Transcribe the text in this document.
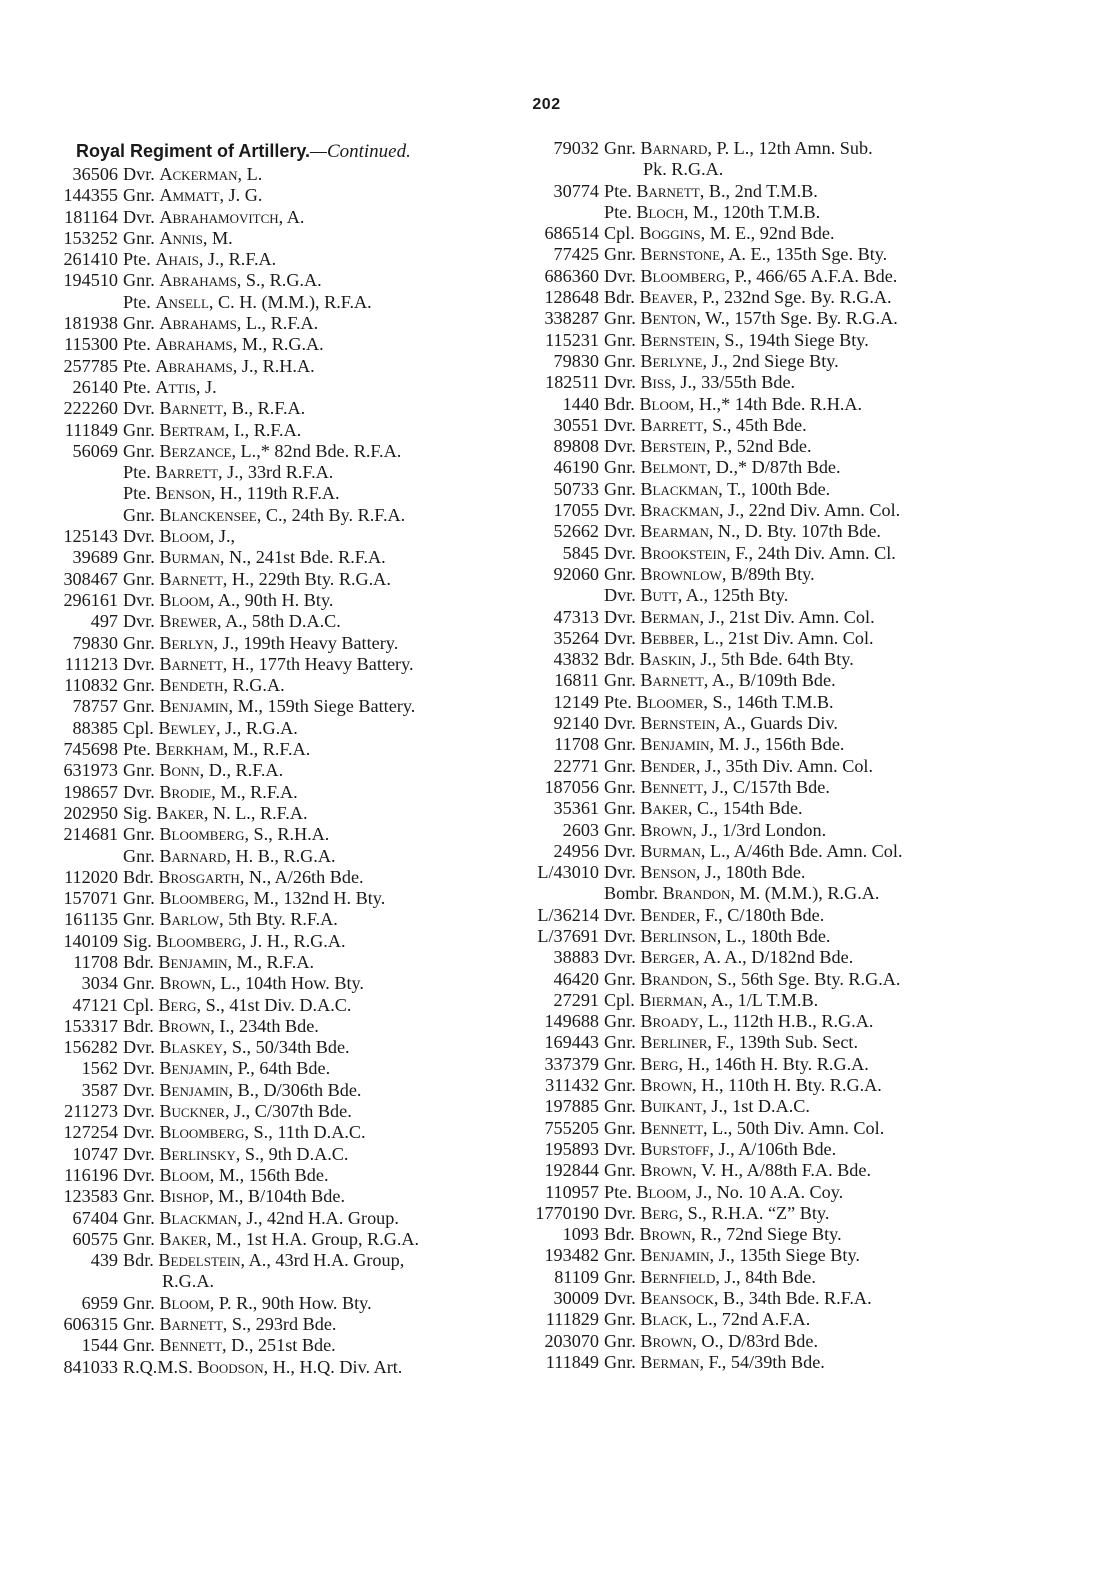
202
Royal Regiment of Artillery.—Continued.
36506 Dvr. Ackerman, L.
144355 Gnr. Ammatt, J. G.
181164 Dvr. Abrahamovitch, A.
153252 Gnr. Annis, M.
261410 Pte. Ahais, J., R.F.A.
194510 Gnr. Abrahams, S., R.G.A.
Pte. Ansell, C. H. (M.M.), R.F.A.
181938 Gnr. Abrahams, L., R.F.A.
115300 Pte. Abrahams, M., R.G.A.
257785 Pte. Abrahams, J., R.H.A.
26140 Pte. Attis, J.
222260 Dvr. Barnett, B., R.F.A.
111849 Gnr. Bertram, I., R.F.A.
56069 Gnr. Berzance, L.,* 82nd Bde. R.F.A.
Pte. Barrett, J., 33rd R.F.A.
Pte. Benson, H., 119th R.F.A.
Gnr. Blanckensee, C., 24th By. R.F.A.
125143 Dvr. Bloom, J.,
39689 Gnr. Burman, N., 241st Bde. R.F.A.
308467 Gnr. Barnett, H., 229th Bty. R.G.A.
296161 Dvr. Bloom, A., 90th H. Bty.
497 Dvr. Brewer, A., 58th D.A.C.
79830 Gnr. Berlyn, J., 199th Heavy Battery.
111213 Dvr. Barnett, H., 177th Heavy Battery.
110832 Gnr. Bendeth, R.G.A.
78757 Gnr. Benjamin, M., 159th Siege Battery.
88385 Cpl. Bewley, J., R.G.A.
745698 Pte. Berkham, M., R.F.A.
631973 Gnr. Bonn, D., R.F.A.
198657 Dvr. Brodie, M., R.F.A.
202950 Sig. Baker, N. L., R.F.A.
214681 Gnr. Bloomberg, S., R.H.A.
Gnr. Barnard, H. B., R.G.A.
112020 Bdr. Brosgarth, N., A/26th Bde.
157071 Gnr. Bloomberg, M., 132nd H. Bty.
161135 Gnr. Barlow, 5th Bty. R.F.A.
140109 Sig. Bloomberg, J. H., R.G.A.
11708 Bdr. Benjamin, M., R.F.A.
3034 Gnr. Brown, L., 104th How. Bty.
47121 Cpl. Berg, S., 41st Div. D.A.C.
153317 Bdr. Brown, I., 234th Bde.
156282 Dvr. Blaskey, S., 50/34th Bde.
1562 Dvr. Benjamin, P., 64th Bde.
3587 Dvr. Benjamin, B., D/306th Bde.
211273 Dvr. Buckner, J., C/307th Bde.
127254 Dvr. Bloomberg, S., 11th D.A.C.
10747 Dvr. Berlinsky, S., 9th D.A.C.
116196 Dvr. Bloom, M., 156th Bde.
123583 Gnr. Bishop, M., B/104th Bde.
67404 Gnr. Blackman, J., 42nd H.A. Group.
60575 Gnr. Baker, M., 1st H.A. Group, R.G.A.
439 Bdr. Bedelstein, A., 43rd H.A. Group,
R.G.A.
6959 Gnr. Bloom, P. R., 90th How. Bty.
606315 Gnr. Barnett, S., 293rd Bde.
1544 Gnr. Bennett, D., 251st Bde.
841033 R.Q.M.S. Boodson, H., H.Q. Div. Art.
79032 Gnr. Barnard, P. L., 12th Amn. Sub.
Pk. R.G.A.
30774 Pte. Barnett, B., 2nd T.M.B.
Pte. Bloch, M., 120th T.M.B.
686514 Cpl. Boggins, M. E., 92nd Bde.
77425 Gnr. Bernstone, A. E., 135th Sge. Bty.
686360 Dvr. Bloomberg, P., 466/65 A.F.A. Bde.
128648 Bdr. Beaver, P., 232nd Sge. By. R.G.A.
338287 Gnr. Benton, W., 157th Sge. By. R.G.A.
115231 Gnr. Bernstein, S., 194th Siege Bty.
79830 Gnr. Berlyne, J., 2nd Siege Bty.
182511 Dvr. Biss, J., 33/55th Bde.
1440 Bdr. Bloom, H.,* 14th Bde. R.H.A.
30551 Dvr. Barrett, S., 45th Bde.
89808 Dvr. Berstein, P., 52nd Bde.
46190 Gnr. Belmont, D.,* D/87th Bde.
50733 Gnr. Blackman, T., 100th Bde.
17055 Dvr. Brackman, J., 22nd Div. Amn. Col.
52662 Dvr. Bearman, N., D. Bty. 107th Bde.
5845 Dvr. Brookstein, F., 24th Div. Amn. Cl.
92060 Gnr. Brownlow, B/89th Bty.
Dvr. Butt, A., 125th Bty.
47313 Dvr. Berman, J., 21st Div. Amn. Col.
35264 Dvr. Bebber, L., 21st Div. Amn. Col.
43832 Bdr. Baskin, J., 5th Bde. 64th Bty.
16811 Gnr. Barnett, A., B/109th Bde.
12149 Pte. Bloomer, S., 146th T.M.B.
92140 Dvr. Bernstein, A., Guards Div.
11708 Gnr. Benjamin, M. J., 156th Bde.
22771 Gnr. Bender, J., 35th Div. Amn. Col.
187056 Gnr. Bennett, J., C/157th Bde.
35361 Gnr. Baker, C., 154th Bde.
2603 Gnr. Brown, J., 1/3rd London.
24956 Dvr. Burman, L., A/46th Bde. Amn. Col.
L/43010 Dvr. Benson, J., 180th Bde.
Bombr. Brandon, M. (M.M.), R.G.A.
L/36214 Dvr. Bender, F., C/180th Bde.
L/37691 Dvr. Berlinson, L., 180th Bde.
38883 Dvr. Berger, A. A., D/182nd Bde.
46420 Gnr. Brandon, S., 56th Sge. Bty. R.G.A.
27291 Cpl. Bierman, A., 1/L T.M.B.
149688 Gnr. Broady, L., 112th H.B., R.G.A.
169443 Gnr. Berliner, F., 139th Sub. Sect.
337379 Gnr. Berg, H., 146th H. Bty. R.G.A.
311432 Gnr. Brown, H., 110th H. Bty. R.G.A.
197885 Gnr. Buikant, J., 1st D.A.C.
755205 Gnr. Bennett, L., 50th Div. Amn. Col.
195893 Dvr. Burstoff, J., A/106th Bde.
192844 Gnr. Brown, V. H., A/88th F.A. Bde.
110957 Pte. Bloom, J., No. 10 A.A. Coy.
1770190 Dvr. Berg, S., R.H.A. “Z” Bty.
1093 Bdr. Brown, R., 72nd Siege Bty.
193482 Gnr. Benjamin, J., 135th Siege Bty.
81109 Gnr. Bernfield, J., 84th Bde.
30009 Dvr. Beansock, B., 34th Bde. R.F.A.
111829 Gnr. Black, L., 72nd A.F.A.
203070 Gnr. Brown, O., D/83rd Bde.
111849 Gnr. Berman, F., 54/39th Bde.
